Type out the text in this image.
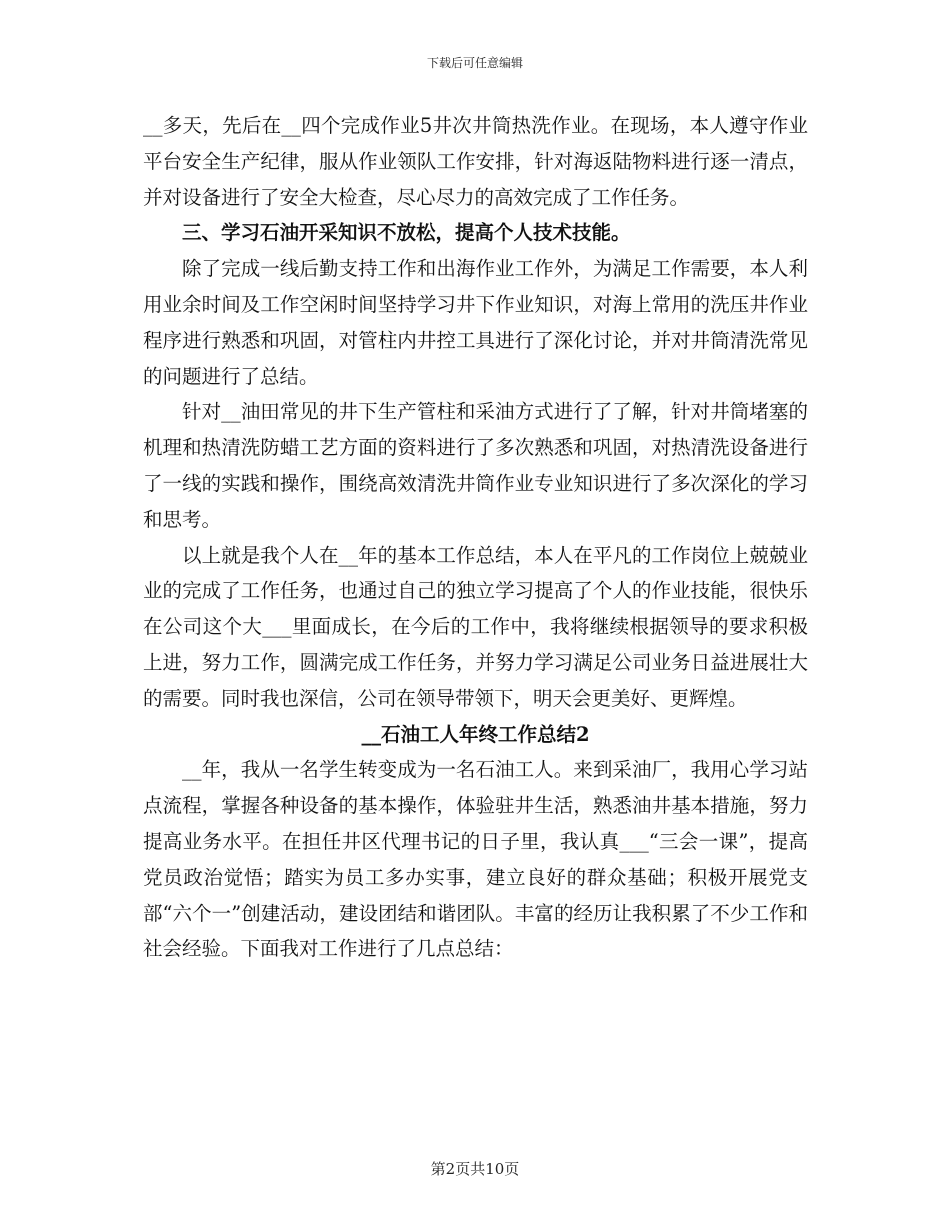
下载后可任意编辑

__多天，先后在__四个完成作业5井次井筒热洗作业。在现场，本人遵守作业平台安全生产纪律，服从作业领队工作安排，针对海返陆物料进行逐一清点，并对设备进行了安全大检查，尽心尽力的高效完成了工作任务。

三、学习石油开采知识不放松，提高个人技术技能。

除了完成一线后勤支持工作和出海作业工作外，为满足工作需要，本人利用业余时间及工作空闲时间坚持学习井下作业知识，对海上常用的洗压井作业程序进行熟悉和巩固，对管柱内井控工具进行了深化讨论，并对井筒清洗常见的问题进行了总结。

针对__油田常见的井下生产管柱和采油方式进行了了解，针对井筒堵塞的机理和热清洗防蜡工艺方面的资料进行了多次熟悉和巩固，对热清洗设备进行了一线的实践和操作，围绕高效清洗井筒作业专业知识进行了多次深化的学习和思考。

以上就是我个人在__年的基本工作总结，本人在平凡的工作岗位上兢兢业业的完成了工作任务，也通过自己的独立学习提高了个人的作业技能，很快乐在公司这个大___里面成长，在今后的工作中，我将继续根据领导的要求积极上进，努力工作，圆满完成工作任务，并努力学习满足公司业务日益进展壮大的需要。同时我也深信，公司在领导带领下，明天会更美好、更辉煌。

__石油工人年终工作总结2

__年，我从一名学生转变成为一名石油工人。来到采油厂，我用心学习站点流程，掌握各种设备的基本操作，体验驻井生活，熟悉油井基本措施，努力提高业务水平。在担任井区代理书记的日子里，我认真___“三会一课”，提高党员政治觉悟；踏实为员工多办实事，建立良好的群众基础；积极开展党支部“六个一”创建活动，建设团结和谐团队。丰富的经历让我积累了不少工作和社会经验。下面我对工作进行了几点总结：

第2页共10页
